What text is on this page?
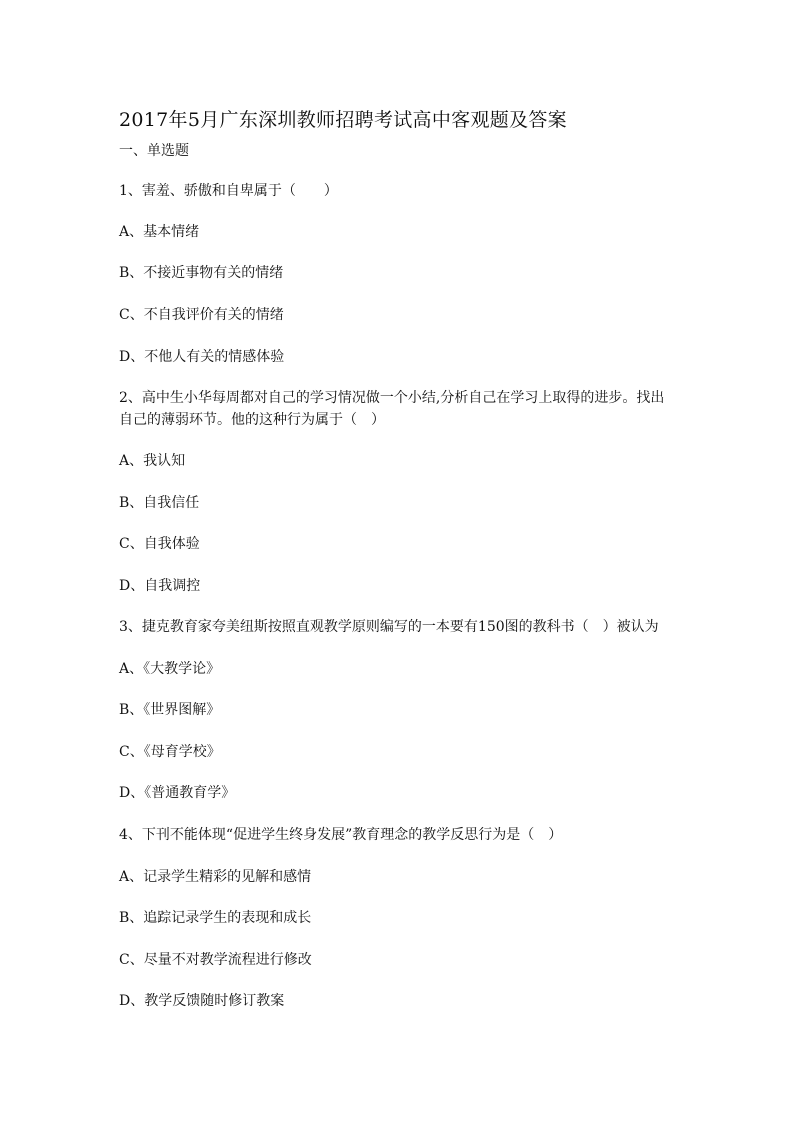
2017年5月广东深圳教师招聘考试高中客观题及答案
一、单选题
1、害羞、骄傲和自卑属于（　　）
A、基本情绪
B、不接近事物有关的情绪
C、不自我评价有关的情绪
D、不他人有关的情感体验
2、高中生小华每周都对自己的学习情况做一个小结,分析自己在学习上取得的进步。找出
自己的薄弱环节。他的这种行为属于（　）
A、我认知
B、自我信任
C、自我体验
D、自我调控
3、捷克教育家夸美纽斯按照直观教学原则编写的一本要有150图的教科书（　）被认为
A、《大教学论》
B、《世界图解》
C、《母育学校》
D、《普通教育学》
4、下刊不能体现“促进学生终身发展”教育理念的教学反思行为是（　）
A、记录学生精彩的见解和感情
B、追踪记录学生的表现和成长
C、尽量不对教学流程进行修改
D、教学反馈随时修订教案
